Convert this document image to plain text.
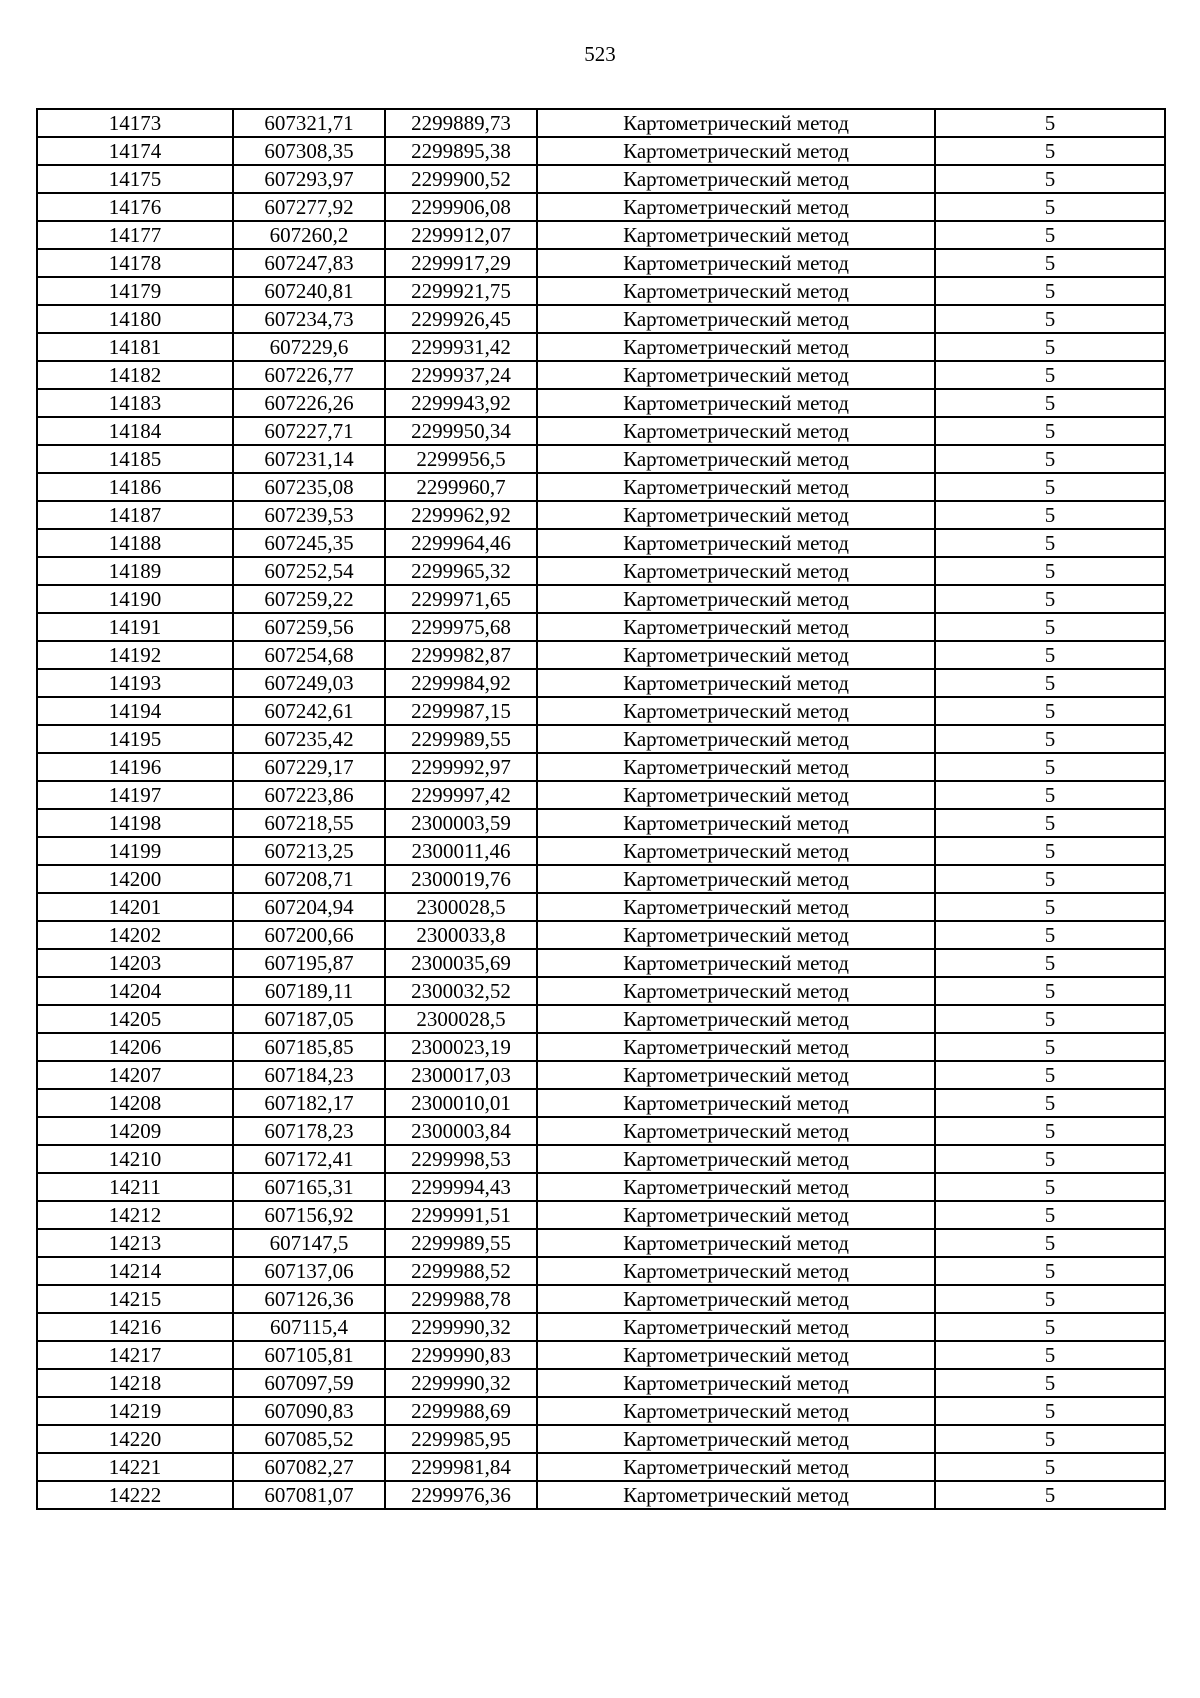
523
14173	607321,71	2299889,73	Картометрический метод	5
14174	607308,35	2299895,38	Картометрический метод	5
14175	607293,97	2299900,52	Картометрический метод	5
14176	607277,92	2299906,08	Картометрический метод	5
14177	607260,2	2299912,07	Картометрический метод	5
14178	607247,83	2299917,29	Картометрический метод	5
14179	607240,81	2299921,75	Картометрический метод	5
14180	607234,73	2299926,45	Картометрический метод	5
14181	607229,6	2299931,42	Картометрический метод	5
14182	607226,77	2299937,24	Картометрический метод	5
14183	607226,26	2299943,92	Картометрический метод	5
14184	607227,71	2299950,34	Картометрический метод	5
14185	607231,14	2299956,5	Картометрический метод	5
14186	607235,08	2299960,7	Картометрический метод	5
14187	607239,53	2299962,92	Картометрический метод	5
14188	607245,35	2299964,46	Картометрический метод	5
14189	607252,54	2299965,32	Картометрический метод	5
14190	607259,22	2299971,65	Картометрический метод	5
14191	607259,56	2299975,68	Картометрический метод	5
14192	607254,68	2299982,87	Картометрический метод	5
14193	607249,03	2299984,92	Картометрический метод	5
14194	607242,61	2299987,15	Картометрический метод	5
14195	607235,42	2299989,55	Картометрический метод	5
14196	607229,17	2299992,97	Картометрический метод	5
14197	607223,86	2299997,42	Картометрический метод	5
14198	607218,55	2300003,59	Картометрический метод	5
14199	607213,25	2300011,46	Картометрический метод	5
14200	607208,71	2300019,76	Картометрический метод	5
14201	607204,94	2300028,5	Картометрический метод	5
14202	607200,66	2300033,8	Картометрический метод	5
14203	607195,87	2300035,69	Картометрический метод	5
14204	607189,11	2300032,52	Картометрический метод	5
14205	607187,05	2300028,5	Картометрический метод	5
14206	607185,85	2300023,19	Картометрический метод	5
14207	607184,23	2300017,03	Картометрический метод	5
14208	607182,17	2300010,01	Картометрический метод	5
14209	607178,23	2300003,84	Картометрический метод	5
14210	607172,41	2299998,53	Картометрический метод	5
14211	607165,31	2299994,43	Картометрический метод	5
14212	607156,92	2299991,51	Картометрический метод	5
14213	607147,5	2299989,55	Картометрический метод	5
14214	607137,06	2299988,52	Картометрический метод	5
14215	607126,36	2299988,78	Картометрический метод	5
14216	607115,4	2299990,32	Картометрический метод	5
14217	607105,81	2299990,83	Картометрический метод	5
14218	607097,59	2299990,32	Картометрический метод	5
14219	607090,83	2299988,69	Картометрический метод	5
14220	607085,52	2299985,95	Картометрический метод	5
14221	607082,27	2299981,84	Картометрический метод	5
14222	607081,07	2299976,36	Картометрический метод	5
